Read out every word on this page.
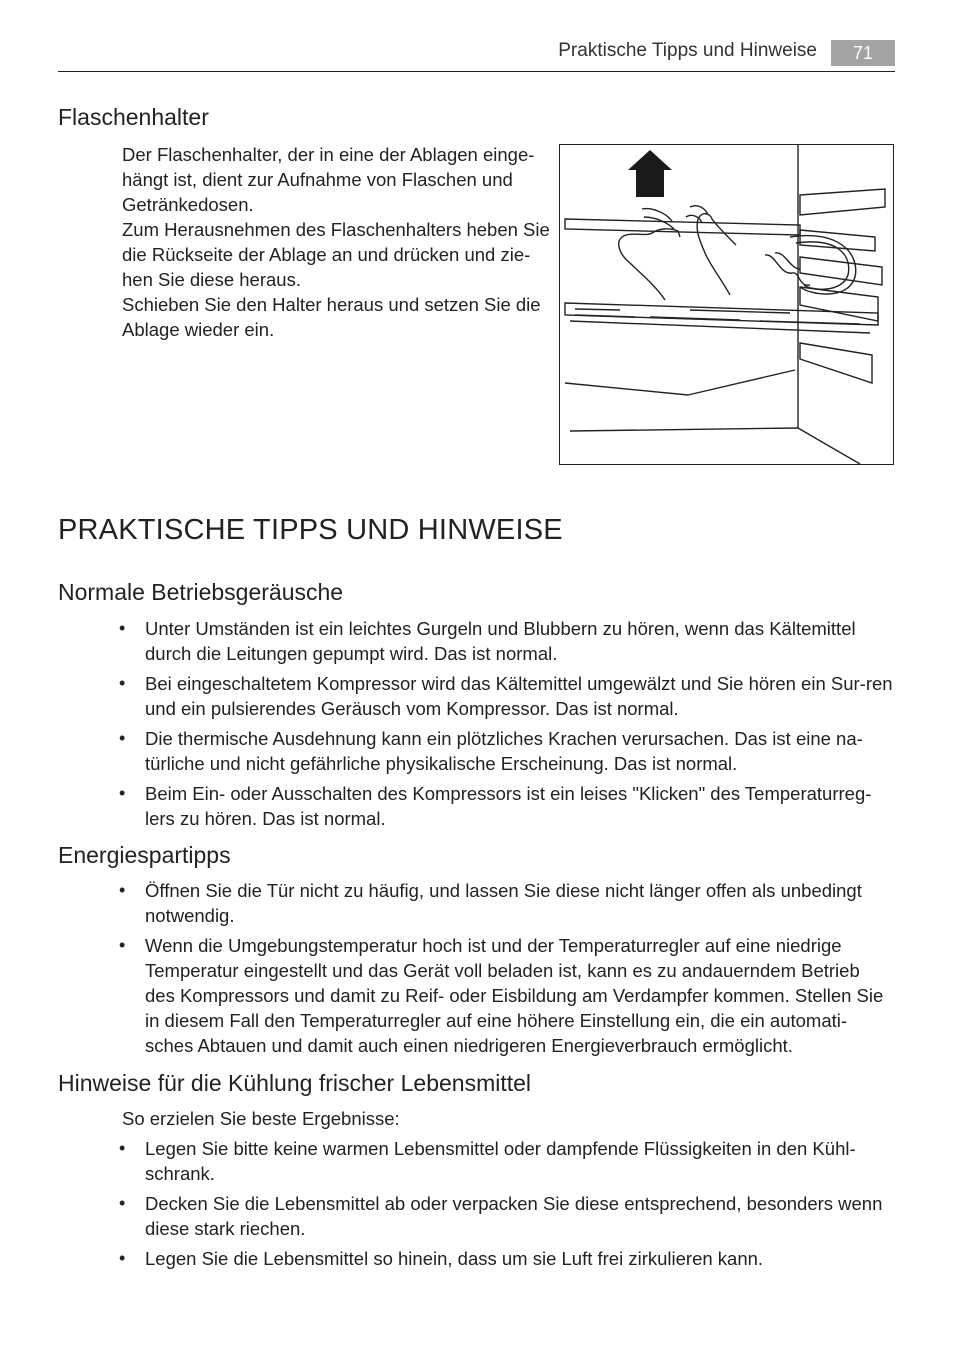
Praktische Tipps und Hinweise	71
Flaschenhalter

Der Flaschenhalter, der in eine der Ablagen einge-hängt ist, dient zur Aufnahme von Flaschen und Getränkedosen.

Zum Herausnehmen des Flaschenhalters heben Sie die Rückseite der Ablage an und drücken und zie-hen Sie diese heraus.

Schieben Sie den Halter heraus und setzen Sie die Ablage wieder ein.

PRAKTISCHE TIPPS UND HINWEISE
Normale Betriebsgeräusche
• Unter Umständen ist ein leichtes Gurgeln und Blubbern zu hören, wenn das Kältemittel durch die Leitungen gepumpt wird. Das ist normal.
• Bei eingeschaltetem Kompressor wird das Kältemittel umgewälzt und Sie hören ein Sur-ren und ein pulsierendes Geräusch vom Kompressor. Das ist normal.
• Die thermische Ausdehnung kann ein plötzliches Krachen verursachen. Das ist eine na-türliche und nicht gefährliche physikalische Erscheinung. Das ist normal.
• Beim Ein- oder Ausschalten des Kompressors ist ein leises "Klicken" des Temperaturreg-lers zu hören. Das ist normal.
Energiespartipps
• Öffnen Sie die Tür nicht zu häufig, und lassen Sie diese nicht länger offen als unbedingt notwendig.
• Wenn die Umgebungstemperatur hoch ist und der Temperaturregler auf eine niedrige Temperatur eingestellt und das Gerät voll beladen ist, kann es zu andauerndem Betrieb des Kompressors und damit zu Reif- oder Eisbildung am Verdampfer kommen. Stellen Sie in diesem Fall den Temperaturregler auf eine höhere Einstellung ein, die ein automati-sches Abtauen und damit auch einen niedrigeren Energieverbrauch ermöglicht.
Hinweise für die Kühlung frischer Lebensmittel

So erzielen Sie beste Ergebnisse:

• Legen Sie bitte keine warmen Lebensmittel oder dampfende Flüssigkeiten in den Kühl-schrank.
• Decken Sie die Lebensmittel ab oder verpacken Sie diese entsprechend, besonders wenn diese stark riechen.
• Legen Sie die Lebensmittel so hinein, dass um sie Luft frei zirkulieren kann.
